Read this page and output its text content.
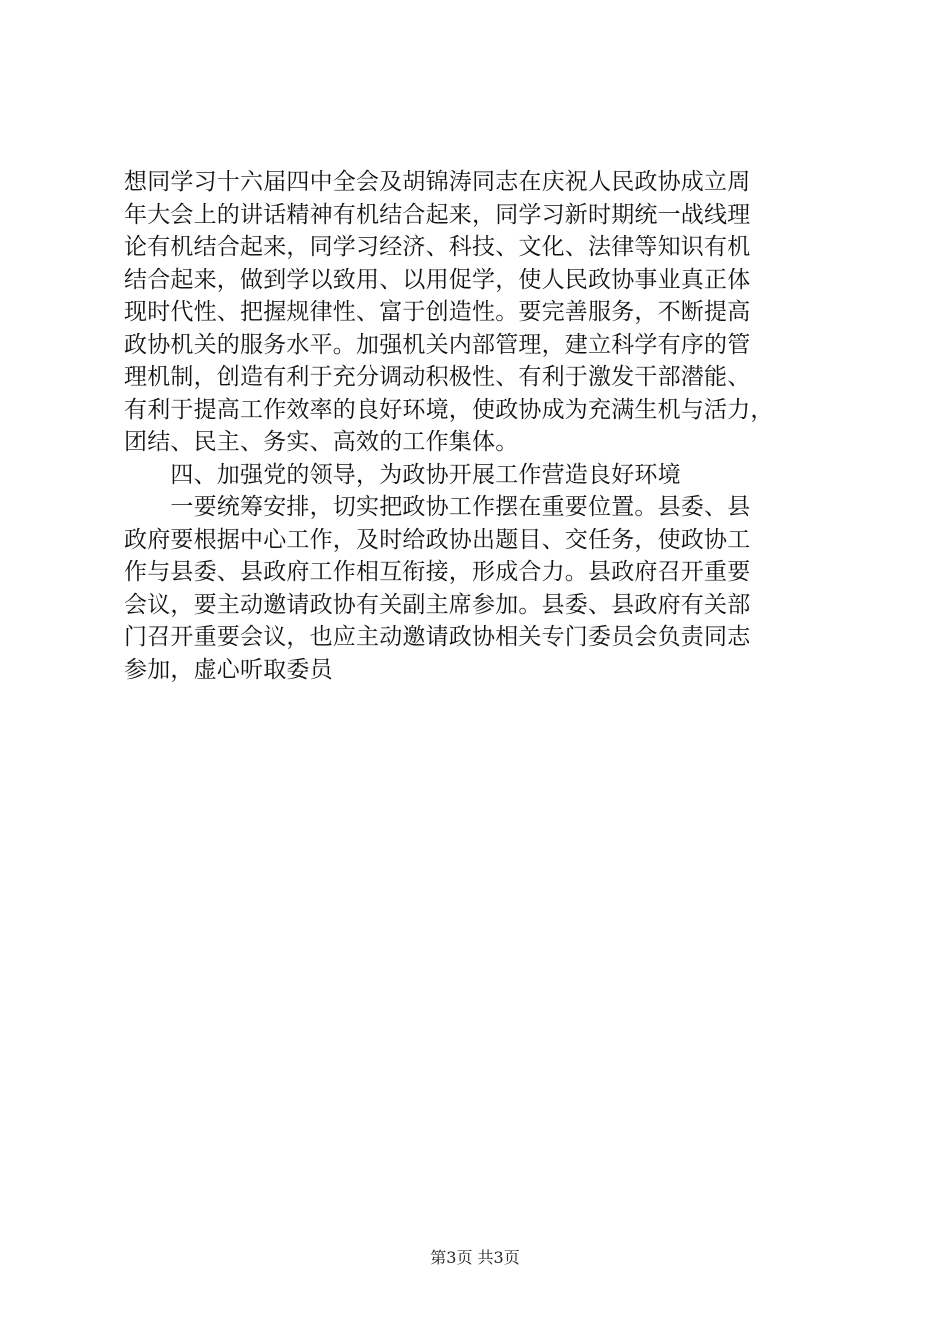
想同学习十六届四中全会及胡锦涛同志在庆祝人民政协成立周
年大会上的讲话精神有机结合起来，同学习新时期统一战线理
论有机结合起来，同学习经济、科技、文化、法律等知识有机
结合起来，做到学以致用、以用促学，使人民政协事业真正体
现时代性、把握规律性、富于创造性。要完善服务，不断提高
政协机关的服务水平。加强机关内部管理，建立科学有序的管
理机制，创造有利于充分调动积极性、有利于激发干部潜能、
有利于提高工作效率的良好环境，使政协成为充满生机与活力，
团结、民主、务实、高效的工作集体。
　　四、加强党的领导，为政协开展工作营造良好环境
　　一要统筹安排，切实把政协工作摆在重要位置。县委、县
政府要根据中心工作，及时给政协出题目、交任务，使政协工
作与县委、县政府工作相互衔接，形成合力。县政府召开重要
会议，要主动邀请政协有关副主席参加。县委、县政府有关部
门召开重要会议，也应主动邀请政协相关专门委员会负责同志
参加，虚心听取委员
第3页 共3页
